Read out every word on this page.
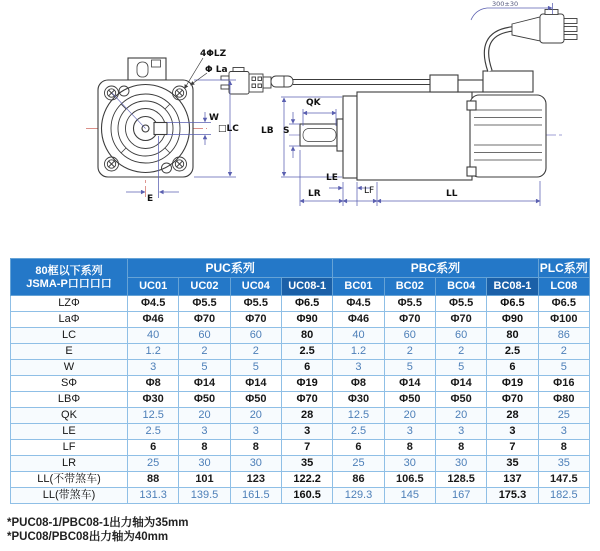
4ΦLZ
Φ La
W
□LC
E
QK
S
LB
LE
LR	LF	LL
300±30
80框以下系列
JSMA-P口口口口	PUC系列				PBC系列				PLC系列
	UC01	UC02	UC04	UC08-1	BC01	BC02	BC04	BC08-1	LC08
LZΦ	Φ4.5	Φ5.5	Φ5.5	Φ6.5	Φ4.5	Φ5.5	Φ5.5	Φ6.5	Φ6.5
LaΦ	Φ46	Φ70	Φ70	Φ90	Φ46	Φ70	Φ70	Φ90	Φ100
LC	40	60	60	80	40	60	60	80	86
E	1.2	2	2	2.5	1.2	2	2	2.5	2
W	3	5	5	6	3	5	5	6	5
SΦ	Φ8	Φ14	Φ14	Φ19	Φ8	Φ14	Φ14	Φ19	Φ16
LBΦ	Φ30	Φ50	Φ50	Φ70	Φ30	Φ50	Φ50	Φ70	Φ80
QK	12.5	20	20	28	12.5	20	20	28	25
LE	2.5	3	3	3	2.5	3	3	3	3
LF	6	8	8	7	6	8	8	7	8
LR	25	30	30	35	25	30	30	35	35
LL(不带煞车)	88	101	123	122.2	86	106.5	128.5	137	147.5
LL(带煞车)	131.3	139.5	161.5	160.5	129.3	145	167	175.3	182.5

*PUC08-1/PBC08-1出力轴为35mm

*PUC08/PBC08出力轴为40mm
